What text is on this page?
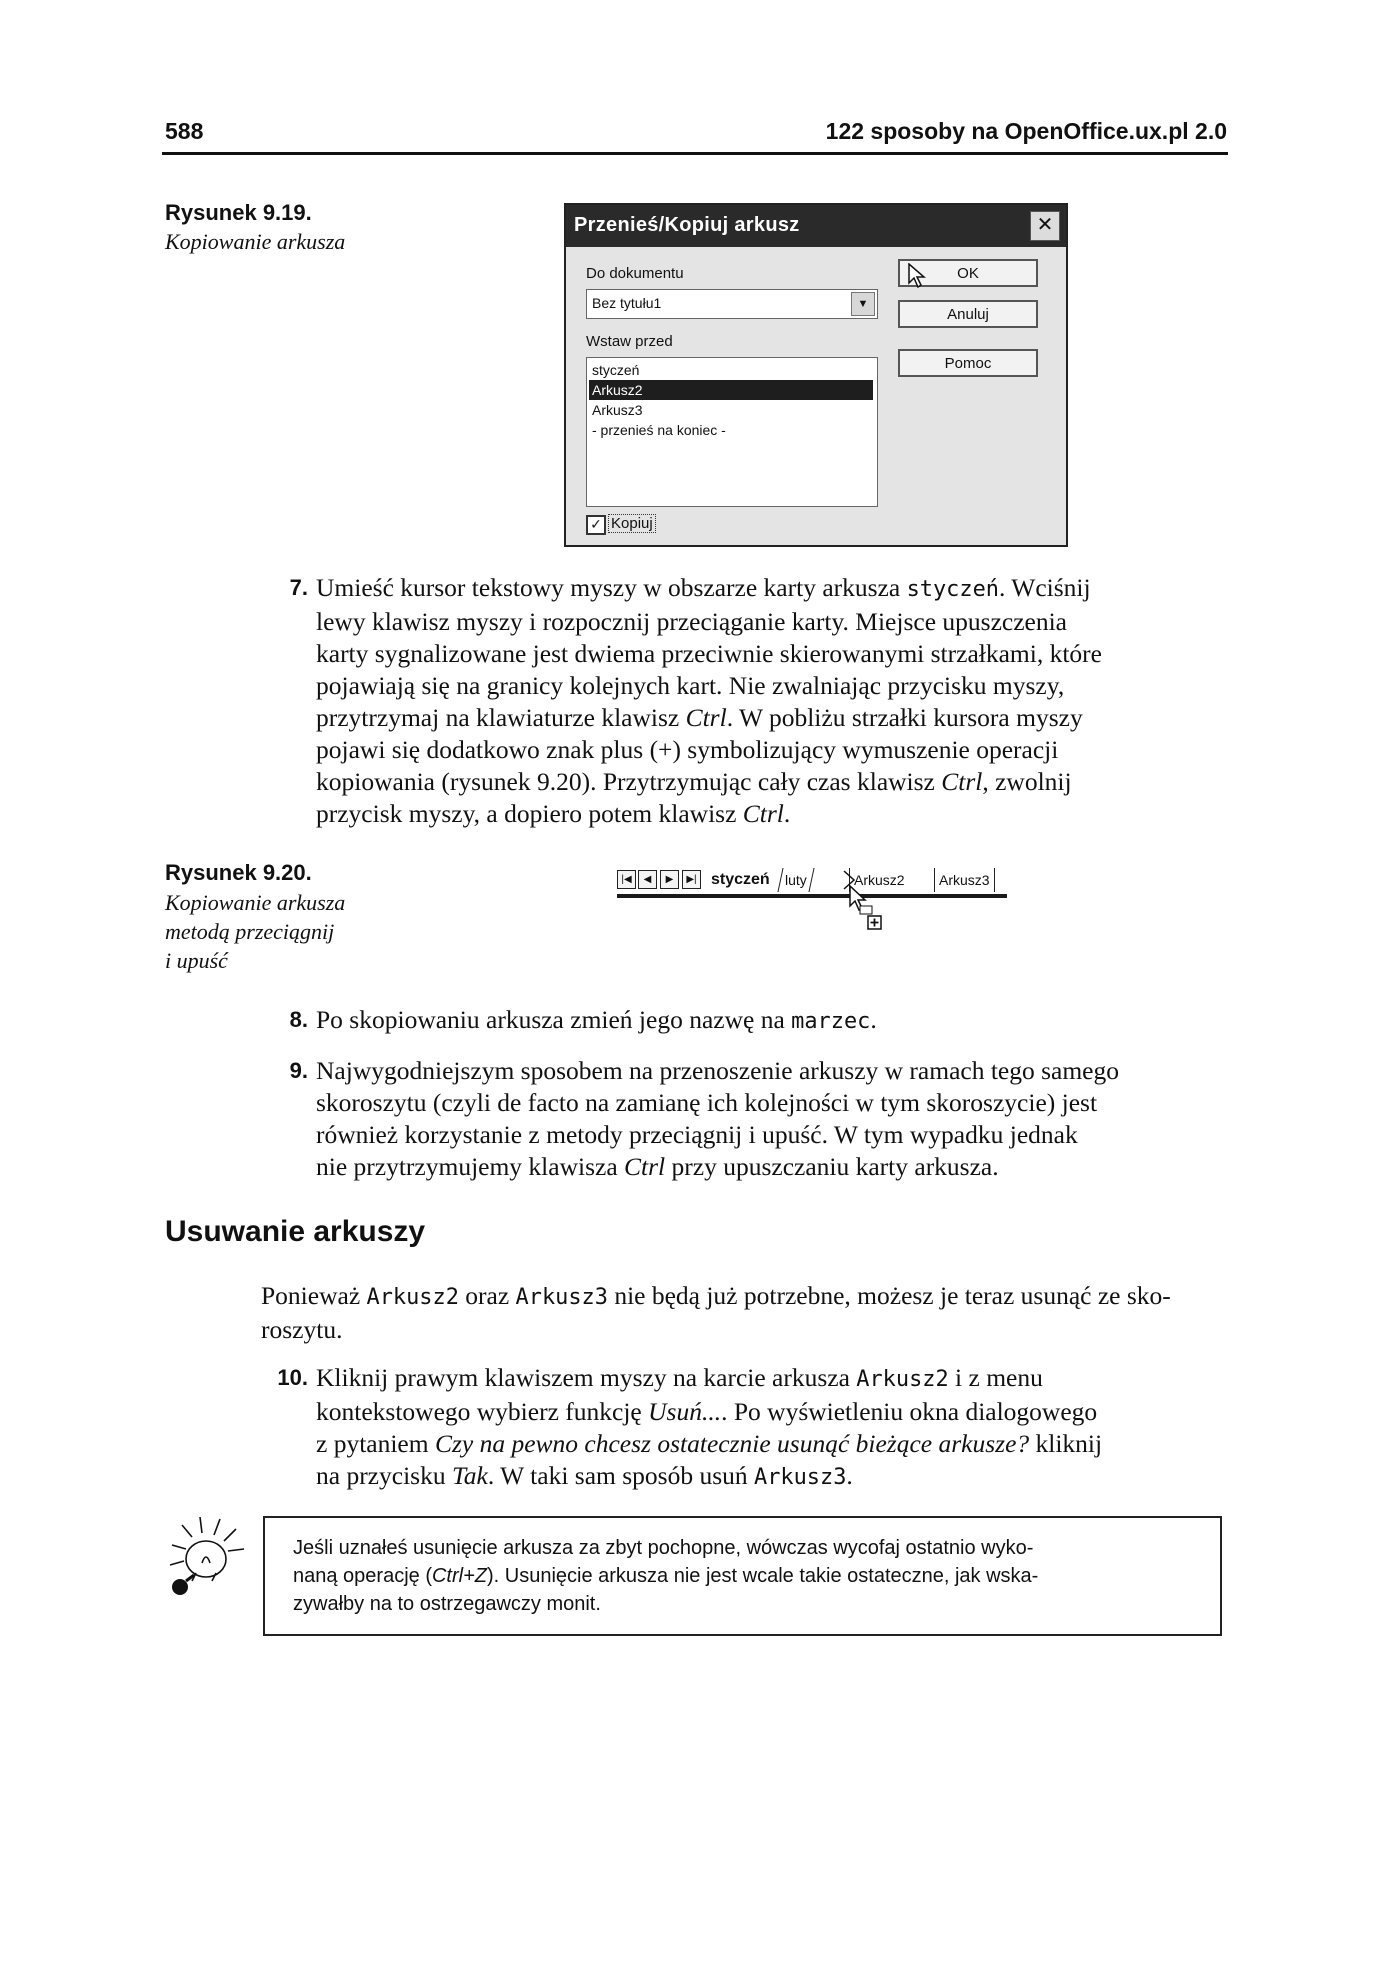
588	122 sposoby na OpenOffice.ux.pl 2.0
Rysunek 9.19.
Kopiowanie arkusza
Przenieś/Kopiuj arkusz	✕
Do dokumentu
Bez tytułu1	▼
Wstaw przed
styczeń
Arkusz2
Arkusz3
- przenieś na koniec -
OK
Anuluj
Pomoc
✓ Kopiuj
7. Umieść kursor tekstowy myszy w obszarze karty arkusza styczeń. Wciśnij
lewy klawisz myszy i rozpocznij przeciąganie karty. Miejsce upuszczenia
karty sygnalizowane jest dwiema przeciwnie skierowanymi strzałkami, które
pojawiają się na granicy kolejnych kart. Nie zwalniając przycisku myszy,
przytrzymaj na klawiaturze klawisz Ctrl. W pobliżu strzałki kursora myszy
pojawi się dodatkowo znak plus (+) symbolizujący wymuszenie operacji
kopiowania (rysunek 9.20). Przytrzymując cały czas klawisz Ctrl, zwolnij
przycisk myszy, a dopiero potem klawisz Ctrl.
Rysunek 9.20.
Kopiowanie arkusza
metodą przeciągnij
i upuść
|◀	◀	▶	▶| styczeń	luty	Arkusz2	Arkusz3
8. Po skopiowaniu arkusza zmień jego nazwę na marzec.
9. Najwygodniejszym sposobem na przenoszenie arkuszy w ramach tego samego
skoroszytu (czyli de facto na zamianę ich kolejności w tym skoroszycie) jest
również korzystanie z metody przeciągnij i upuść. W tym wypadku jednak
nie przytrzymujemy klawisza Ctrl przy upuszczaniu karty arkusza.
Usuwanie arkuszy
Ponieważ Arkusz2 oraz Arkusz3 nie będą już potrzebne, możesz je teraz usunąć ze sko-
roszytu.
10. Kliknij prawym klawiszem myszy na karcie arkusza Arkusz2 i z menu
kontekstowego wybierz funkcję Usuń.... Po wyświetleniu okna dialogowego
z pytaniem Czy na pewno chcesz ostatecznie usunąć bieżące arkusze? kliknij
na przycisku Tak. W taki sam sposób usuń Arkusz3.
Jeśli uznałeś usunięcie arkusza za zbyt pochopne, wówczas wycofaj ostatnio wyko-
naną operację (Ctrl+Z). Usunięcie arkusza nie jest wcale takie ostateczne, jak wska-
zywałby na to ostrzegawczy monit.
